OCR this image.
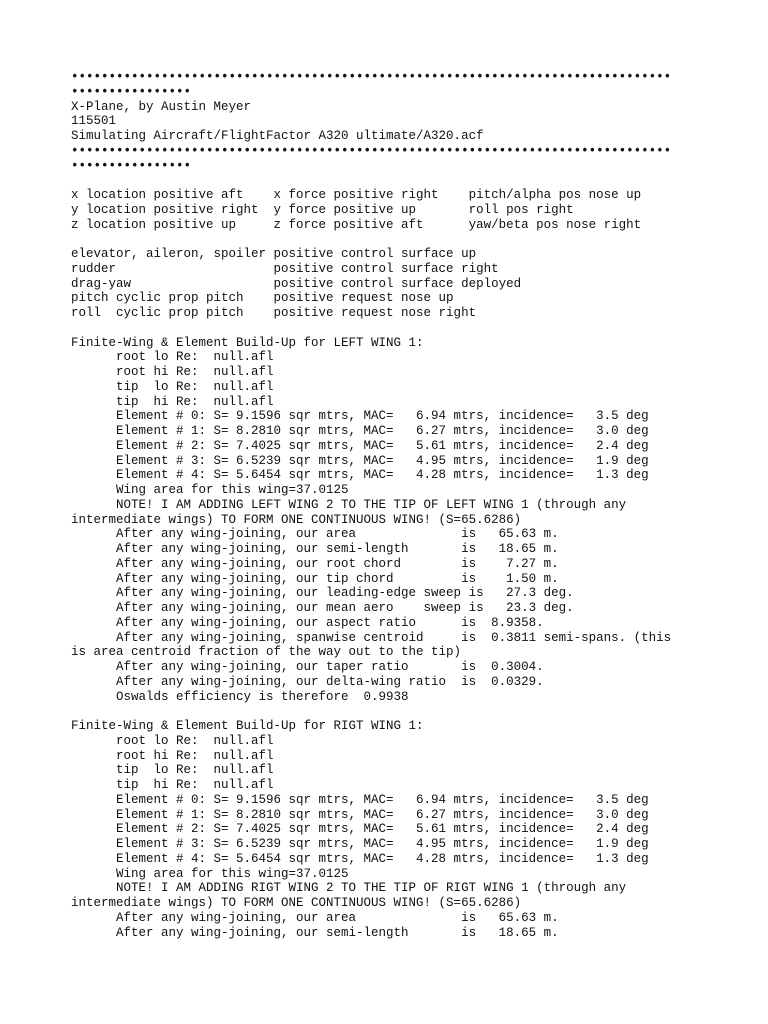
••••••••••••••••••••••••••••••••••••••••••••••••••••••••••••••••••••••••••••••••
••••••••••••••••
X-Plane, by Austin Meyer
115501
Simulating Aircraft/FlightFactor A320 ultimate/A320.acf
••••••••••••••••••••••••••••••••••••••••••••••••••••••••••••••••••••••••••••••••
••••••••••••••••
x location positive aft    x force positive right    pitch/alpha pos nose up
y location positive right  y force positive up       roll pos right
z location positive up     z force positive aft      yaw/beta pos nose right
elevator, aileron, spoiler positive control surface up
rudder                     positive control surface right
drag-yaw                   positive control surface deployed
pitch cyclic prop pitch    positive request nose up
roll  cyclic prop pitch    positive request nose right
Finite-Wing & Element Build-Up for LEFT WING 1:
root lo Re:  null.afl
root hi Re:  null.afl
tip  lo Re:  null.afl
tip  hi Re:  null.afl
Element # 0: S= 9.1596 sqr mtrs, MAC=   6.94 mtrs, incidence=   3.5 deg
Element # 1: S= 8.2810 sqr mtrs, MAC=   6.27 mtrs, incidence=   3.0 deg
Element # 2: S= 7.4025 sqr mtrs, MAC=   5.61 mtrs, incidence=   2.4 deg
Element # 3: S= 6.5239 sqr mtrs, MAC=   4.95 mtrs, incidence=   1.9 deg
Element # 4: S= 5.6454 sqr mtrs, MAC=   4.28 mtrs, incidence=   1.3 deg
Wing area for this wing=37.0125
NOTE! I AM ADDING LEFT WING 2 TO THE TIP OF LEFT WING 1 (through any
intermediate wings) TO FORM ONE CONTINUOUS WING! (S=65.6286)
After any wing-joining, our area              is   65.63 m.
After any wing-joining, our semi-length       is   18.65 m.
After any wing-joining, our root chord        is    7.27 m.
After any wing-joining, our tip chord         is    1.50 m.
After any wing-joining, our leading-edge sweep is   27.3 deg.
After any wing-joining, our mean aero    sweep is   23.3 deg.
After any wing-joining, our aspect ratio      is  8.9358.
After any wing-joining, spanwise centroid     is  0.3811 semi-spans. (this
is area centroid fraction of the way out to the tip)
After any wing-joining, our taper ratio       is  0.3004.
After any wing-joining, our delta-wing ratio  is  0.0329.
Oswalds efficiency is therefore  0.9938
Finite-Wing & Element Build-Up for RIGT WING 1:
root lo Re:  null.afl
root hi Re:  null.afl
tip  lo Re:  null.afl
tip  hi Re:  null.afl
Element # 0: S= 9.1596 sqr mtrs, MAC=   6.94 mtrs, incidence=   3.5 deg
Element # 1: S= 8.2810 sqr mtrs, MAC=   6.27 mtrs, incidence=   3.0 deg
Element # 2: S= 7.4025 sqr mtrs, MAC=   5.61 mtrs, incidence=   2.4 deg
Element # 3: S= 6.5239 sqr mtrs, MAC=   4.95 mtrs, incidence=   1.9 deg
Element # 4: S= 5.6454 sqr mtrs, MAC=   4.28 mtrs, incidence=   1.3 deg
Wing area for this wing=37.0125
NOTE! I AM ADDING RIGT WING 2 TO THE TIP OF RIGT WING 1 (through any
intermediate wings) TO FORM ONE CONTINUOUS WING! (S=65.6286)
After any wing-joining, our area              is   65.63 m.
After any wing-joining, our semi-length       is   18.65 m.
